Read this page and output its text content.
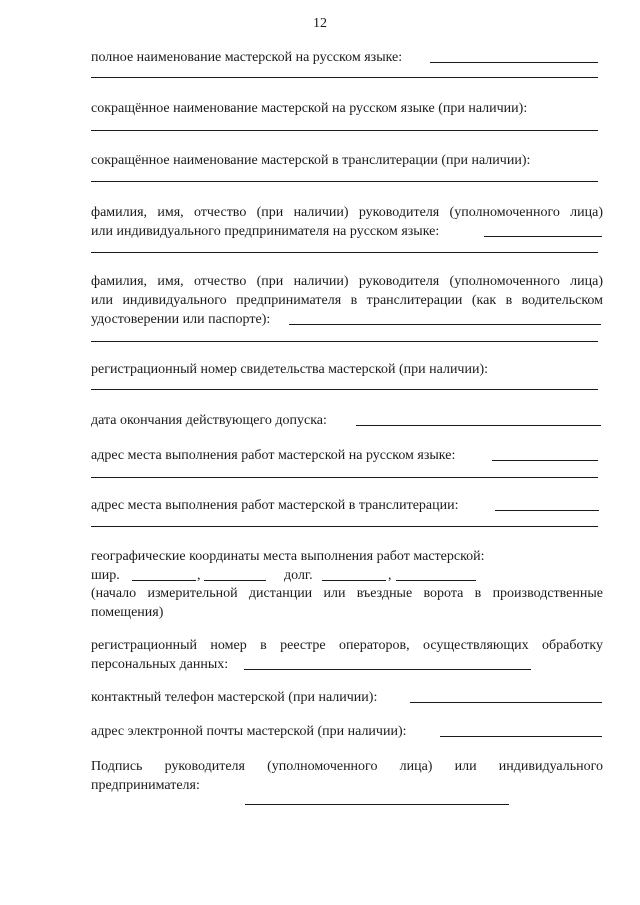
12
полное наименование мастерской на русском языке:
сокращённое наименование мастерской на русском языке (при наличии):
сокращённое наименование мастерской в транслитерации (при наличии):
фамилия, имя, отчество (при наличии) руководителя (уполномоченного лица)
или индивидуального предпринимателя на русском языке:
фамилия, имя, отчество (при наличии) руководителя (уполномоченного лица)
или индивидуального предпринимателя в транслитерации (как в водительском
удостоверении или паспорте):
регистрационный номер свидетельства мастерской (при наличии):
дата окончания действующего допуска:
адрес места выполнения работ мастерской на русском языке:
адрес места выполнения работ мастерской в транслитерации:
географические координаты места выполнения работ мастерской:
шир.	,	долг.	,
(начало измерительной дистанции или въездные ворота в производственные
помещения)
регистрационный номер в реестре операторов, осуществляющих обработку
персональных данных:
контактный телефон мастерской (при наличии):
адрес электронной почты мастерской (при наличии):
Подпись руководителя (уполномоченного лица) или индивидуального
предпринимателя:
